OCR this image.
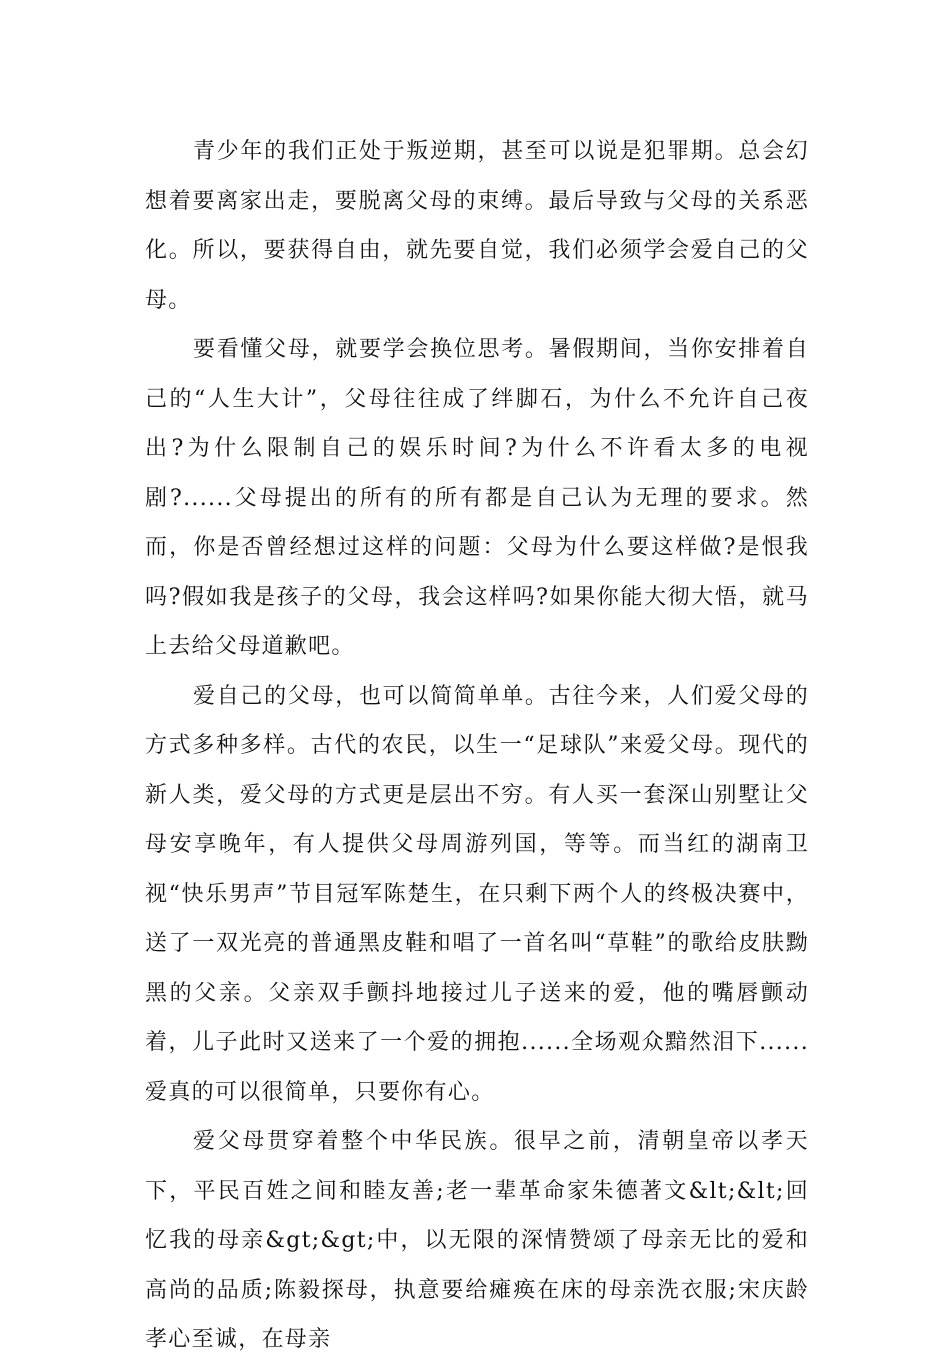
青少年的我们正处于叛逆期，甚至可以说是犯罪期。总会幻想着要离家出走，要脱离父母的束缚。最后导致与父母的关系恶化。所以，要获得自由，就先要自觉，我们必须学会爱自己的父母。

要看懂父母，就要学会换位思考。暑假期间，当你安排着自己的“人生大计”，父母往往成了绊脚石，为什么不允许自己夜出?为什么限制自己的娱乐时间?为什么不许看太多的电视剧?......父母提出的所有的所有都是自己认为无理的要求。然而，你是否曾经想过这样的问题：父母为什么要这样做?是恨我吗?假如我是孩子的父母，我会这样吗?如果你能大彻大悟，就马上去给父母道歉吧。

爱自己的父母，也可以简简单单。古往今来，人们爱父母的方式多种多样。古代的农民，以生一“足球队”来爱父母。现代的新人类，爱父母的方式更是层出不穷。有人买一套深山别墅让父母安享晚年，有人提供父母周游列国，等等。而当红的湖南卫视“快乐男声”节目冠军陈楚生，在只剩下两个人的终极决赛中，送了一双光亮的普通黑皮鞋和唱了一首名叫“草鞋”的歌给皮肤黝黑的父亲。父亲双手颤抖地接过儿子送来的爱，他的嘴唇颤动着，儿子此时又送来了一个爱的拥抱......全场观众黯然泪下......爱真的可以很简单，只要你有心。

爱父母贯穿着整个中华民族。很早之前，清朝皇帝以孝天下，平民百姓之间和睦友善;老一辈革命家朱德著文&lt;&lt;回忆我的母亲&gt;&gt;中，以无限的深情赞颂了母亲无比的爱和高尚的品质;陈毅探母，执意要给瘫痪在床的母亲洗衣服;宋庆龄孝心至诚，在母亲
